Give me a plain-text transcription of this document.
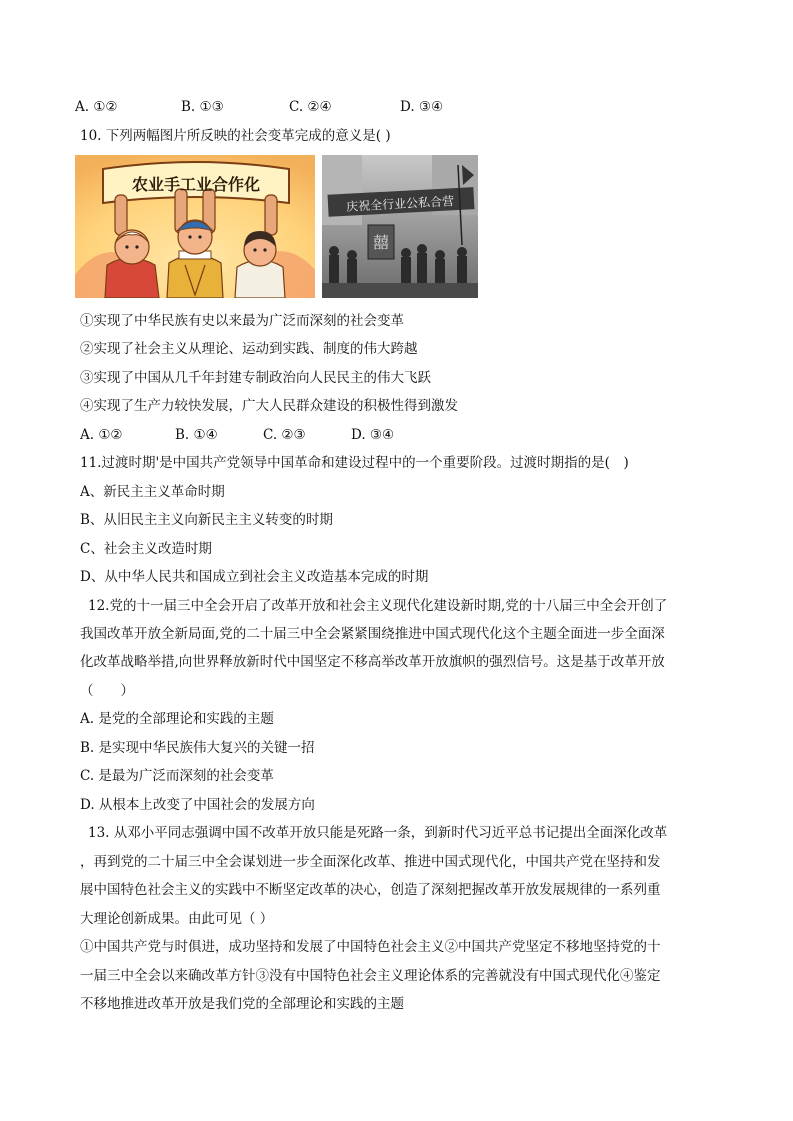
A. ①②	B. ①③	C. ②④	D. ③④
10. 下列两幅图片所反映的社会变革完成的意义是( )
农业手工业合作化
囍
庆祝全行业公私合营
①实现了中华民族有史以来最为广泛而深刻的社会变革
②实现了社会主义从理论、运动到实践、制度的伟大跨越
③实现了中国从几千年封建专制政治向人民民主的伟大飞跃
④实现了生产力较快发展，广大人民群众建设的积极性得到激发
A. ①②	B. ①④	C. ②③	D. ③④
11.过渡时期'是中国共产党领导中国革命和建设过程中的一个重要阶段。过渡时期指的是(　)
A、新民主主义革命时期
B、从旧民主主义向新民主主义转变的时期
C、社会主义改造时期
D、从中华人民共和国成立到社会主义改造基本完成的时期
12.党的十一届三中全会开启了改革开放和社会主义现代化建设新时期,党的十八届三中全会开创了
我国改革开放全新局面,党的二十届三中全会紧紧围绕推进中国式现代化这个主题全面进一步全面深
化改革战略举措,向世界释放新时代中国坚定不移高举改革开放旗帜的强烈信号。这是基于改革开放
（　　）
A. 是党的全部理论和实践的主题
B. 是实现中华民族伟大复兴的关键一招
C. 是最为广泛而深刻的社会变革
D. 从根本上改变了中国社会的发展方向
13. 从邓小平同志强调中国不改革开放只能是死路一条，到新时代习近平总书记提出全面深化改革
，再到党的二十届三中全会谋划进一步全面深化改革、推进中国式现代化，中国共产党在坚持和发
展中国特色社会主义的实践中不断坚定改革的决心，创造了深刻把握改革开放发展规律的一系列重
大理论创新成果。由此可见（ ）
①中国共产党与时俱进，成功坚持和发展了中国特色社会主义②中国共产党坚定不移地坚持党的十
一届三中全会以来确改革方针③没有中国特色社会主义理论体系的完善就没有中国式现代化④鉴定
不移地推进改革开放是我们党的全部理论和实践的主题
